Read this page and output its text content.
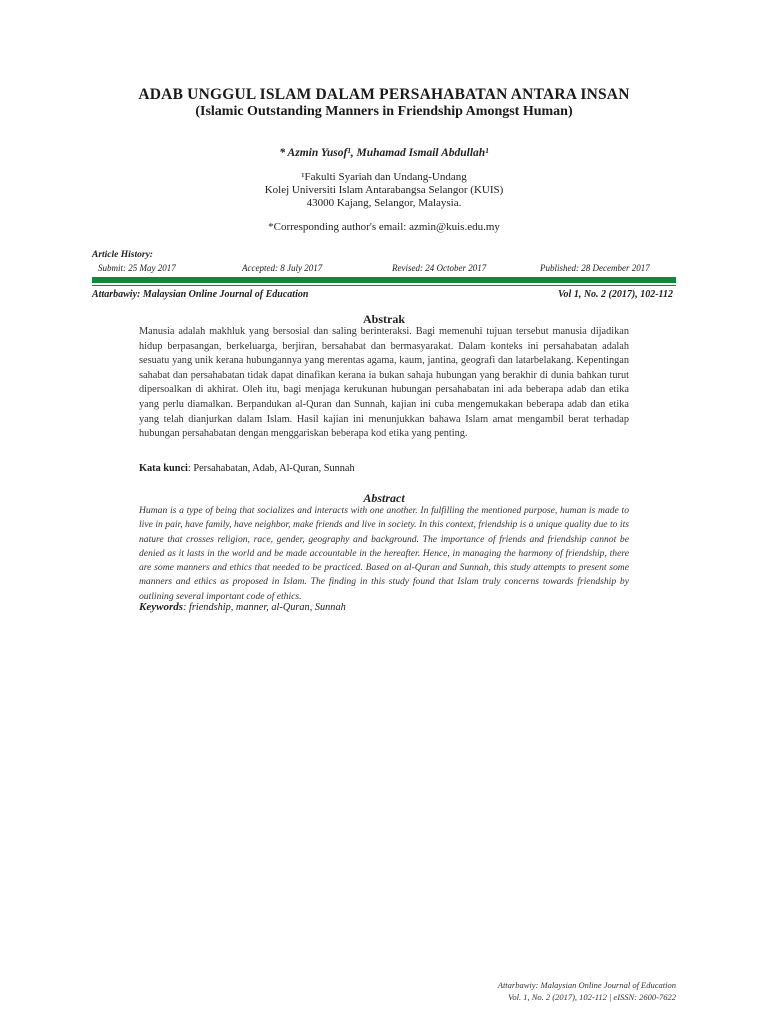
ADAB UNGGUL ISLAM DALAM PERSAHABATAN ANTARA INSAN
(Islamic Outstanding Manners in Friendship Amongst Human)
* Azmin Yusof¹, Muhamad Ismail Abdullah¹
¹Fakulti Syariah dan Undang-Undang
Kolej Universiti Islam Antarabangsa Selangor (KUIS)
43000 Kajang, Selangor, Malaysia.
*Corresponding author's email: azmin@kuis.edu.my
Article History:
Submit: 25 May 2017	Accepted: 8 July 2017	Revised: 24 October 2017	Published: 28 December 2017
Attarbawiy: Malaysian Online Journal of Education	Vol 1, No. 2 (2017), 102-112
Abstrak
Manusia adalah makhluk yang bersosial dan saling berinteraksi. Bagi memenuhi tujuan tersebut manusia dijadikan hidup berpasangan, berkeluarga, berjiran, bersahabat dan bermasyarakat. Dalam konteks ini persahabatan adalah sesuatu yang unik kerana hubungannya yang merentas agama, kaum, jantina, geografi dan latarbelakang. Kepentingan sahabat dan persahabatan tidak dapat dinafikan kerana ia bukan sahaja hubungan yang berakhir di dunia bahkan turut dipersoalkan di akhirat. Oleh itu, bagi menjaga kerukunan hubungan persahabatan ini ada beberapa adab dan etika yang perlu diamalkan. Berpandukan al-Quran dan Sunnah, kajian ini cuba mengemukakan beberapa adab dan etika yang telah dianjurkan dalam Islam. Hasil kajian ini menunjukkan bahawa Islam amat mengambil berat terhadap hubungan persahabatan dengan menggariskan beberapa kod etika yang penting.
Kata kunci: Persahabatan, Adab, Al-Quran, Sunnah
Abstract
Human is a type of being that socializes and interacts with one another. In fulfilling the mentioned purpose, human is made to live in pair, have family, have neighbor, make friends and live in society. In this context, friendship is a unique quality due to its nature that crosses religion, race, gender, geography and background. The importance of friends and friendship cannot be denied as it lasts in the world and be made accountable in the hereafter. Hence, in managing the harmony of friendship, there are some manners and ethics that needed to be practiced. Based on al-Quran and Sunnah, this study attempts to present some manners and ethics as proposed in Islam. The finding in this study found that Islam truly concerns towards friendship by outlining several important code of ethics.
Keywords: friendship, manner, al-Quran, Sunnah
Attarbawiy: Malaysian Online Journal of Education
Vol. 1, No. 2 (2017), 102-112 | eISSN: 2600-7622
